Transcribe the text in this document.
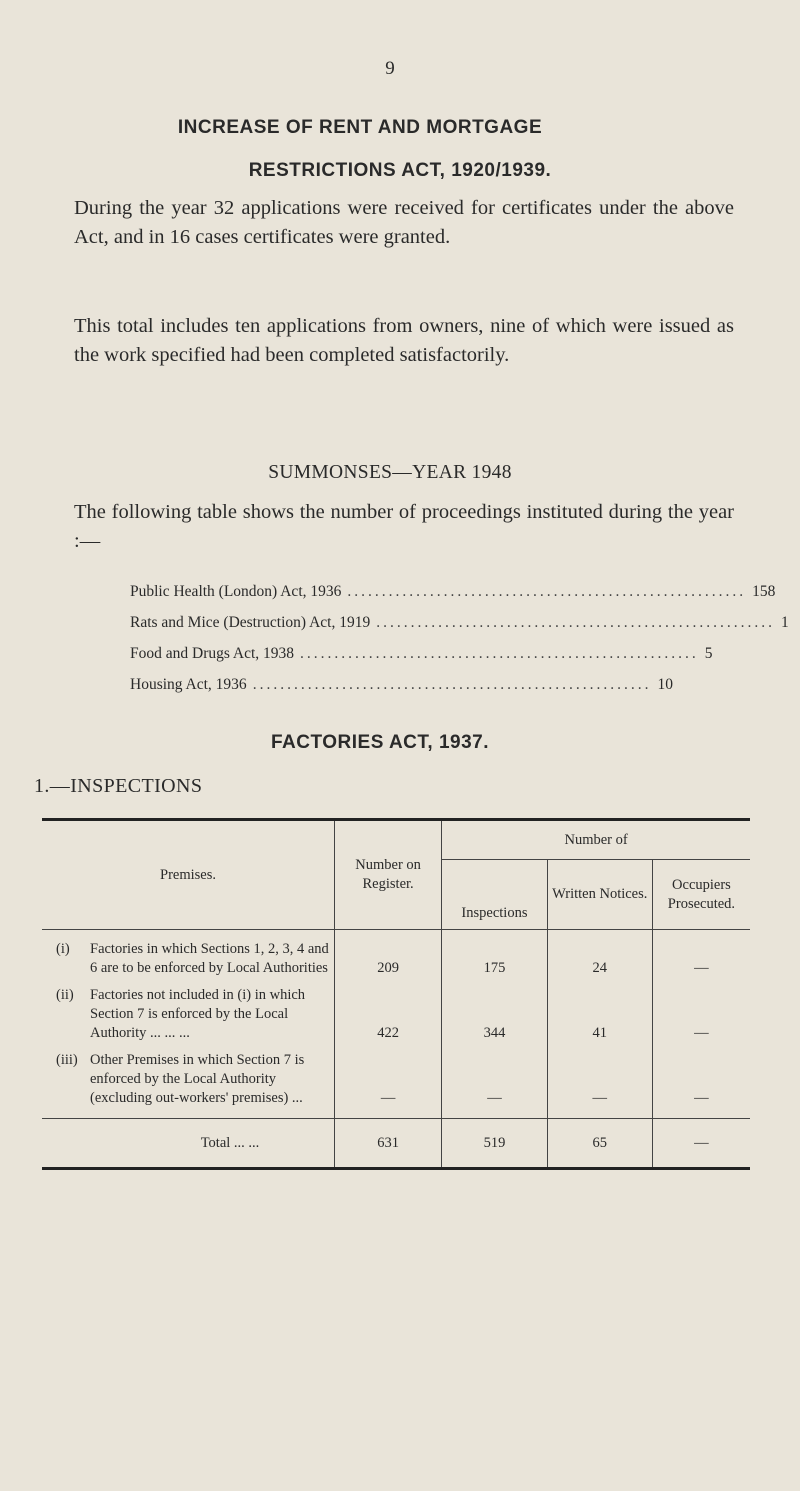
9
INCREASE OF RENT AND MORTGAGE
RESTRICTIONS ACT, 1920/1939.

During the year 32 applications were received for certificates under the above Act, and in 16 cases certificates were granted.

This total includes ten applications from owners, nine of which were issued as the work specified had been completed satisfactorily.

SUMMONSES—YEAR 1948

The following table shows the number of proceedings instituted during the year :—

Public Health (London) Act, 1936 .......................................................... 158
Rats and Mice (Destruction) Act, 1919 .......................................................... 1
Food and Drugs Act, 1938 .......................................................... 5
Housing Act, 1936 .......................................................... 10
FACTORIES ACT, 1937.
1.—INSPECTIONS
Premises.	Number on Register.	Number of		
		Inspections	Written Notices.	Occupiers Prosecuted.

(i) Factories in which Sections 1, 2, 3, 4 and 6 are to be enforced by Local Authorities	209	175	24	—

(ii) Factories not included in (i) in which Section 7 is enforced by the Local Authority ... ... ...	422	344	41	—

(iii) Other Premises in which Section 7 is enforced by the Local Authority (excluding out-workers' premises) ...	—	—	—	—
Total ... ...	631	519	65	—
